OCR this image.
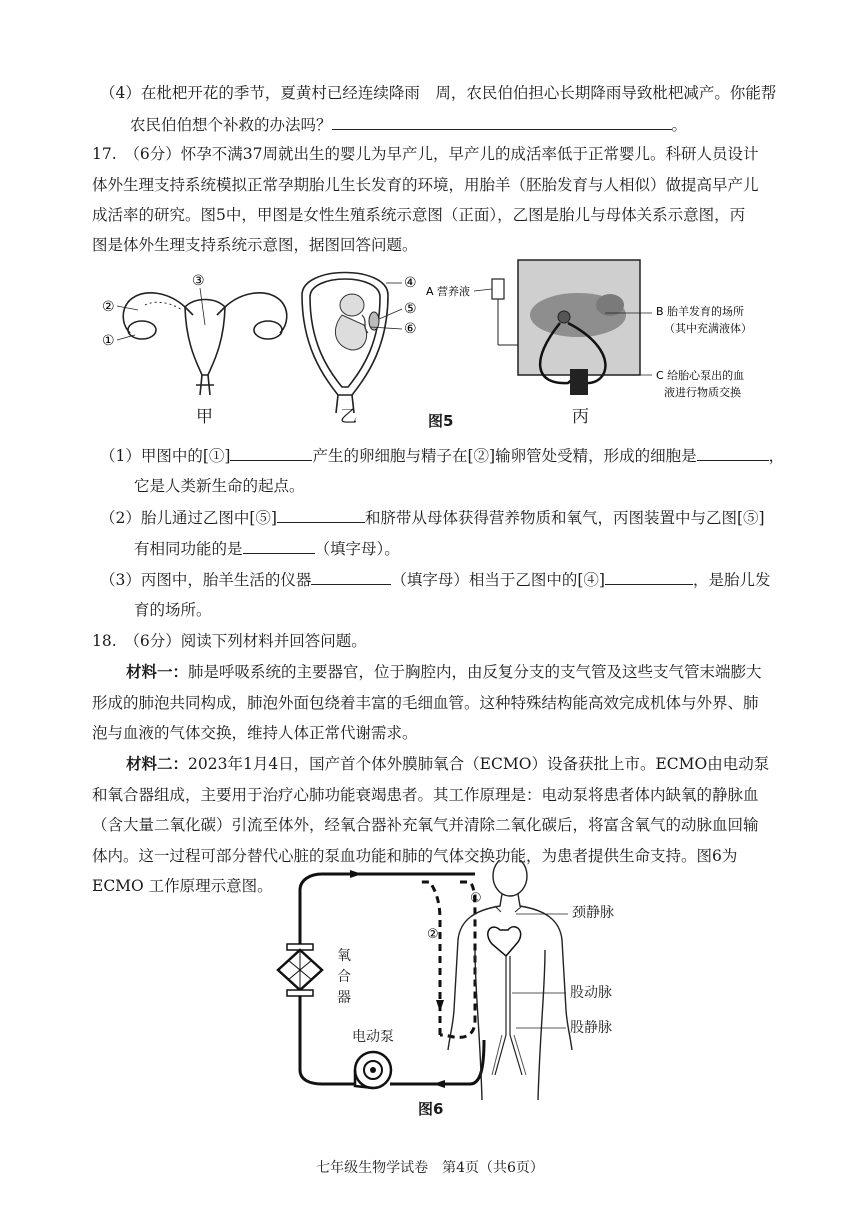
（4）在枇杷开花的季节，夏黄村已经连续降雨　周，农民伯伯担心长期降雨导致枇杷减产。你能帮
农民伯伯想个补救的办法吗？	。
17.　（6分）怀孕不满37周就出生的婴儿为早产儿，早产儿的成活率低于正常婴儿。科研人员设计
体外生理支持系统模拟正常孕期胎儿生长发育的环境，用胎羊（胚胎发育与人相似）做提高早产儿
成活率的研究。图5中，甲图是女性生殖系统示意图（正面），乙图是胎儿与母体关系示意图，丙
图是体外生理支持系统示意图，据图回答问题。
②
①
③	④
⑤
⑥
A 营养液
B 胎羊发育的场所
（其中充满液体）
C 给胎心泵出的血
液进行物质交换
甲	乙	丙
图5
（1）甲图中的[①]	产生的卵细胞与精子在[②]输卵管处受精，形成的细胞是	，
它是人类新生命的起点。
（2）胎儿通过乙图中[⑤]	和脐带从母体获得营养物质和氧气，丙图装置中与乙图[⑤]
有相同功能的是	（填字母）。
（3）丙图中，胎羊生活的仪器	（填字母）相当于乙图中的[④]	，是胎儿发
育的场所。
18.　（6分）阅读下列材料并回答问题。
材料一：肺是呼吸系统的主要器官，位于胸腔内，由反复分支的支气管及这些支气管末端膨大
形成的肺泡共同构成，肺泡外面包绕着丰富的毛细血管。这种特殊结构能高效完成机体与外界、肺
泡与血液的气体交换，维持人体正常代谢需求。
材料二：2023年1月4日，国产首个体外膜肺氧合（ECMO）设备获批上市。ECMO由电动泵
和氧合器组成，主要用于治疗心肺功能衰竭患者。其工作原理是：电动泵将患者体内缺氧的静脉血
（含大量二氧化碳）引流至体外，经氧合器补充氧气并清除二氧化碳后，将富含氧气的动脉血回输
体内。这一过程可部分替代心脏的泵血功能和肺的气体交换功能，为患者提供生命支持。图6为
ECMO 工作原理示意图。
①
②
氧
合
器
电动泵
颈静脉
股动脉
股静脉
图6
七年级生物学试卷　第4页（共6页）
